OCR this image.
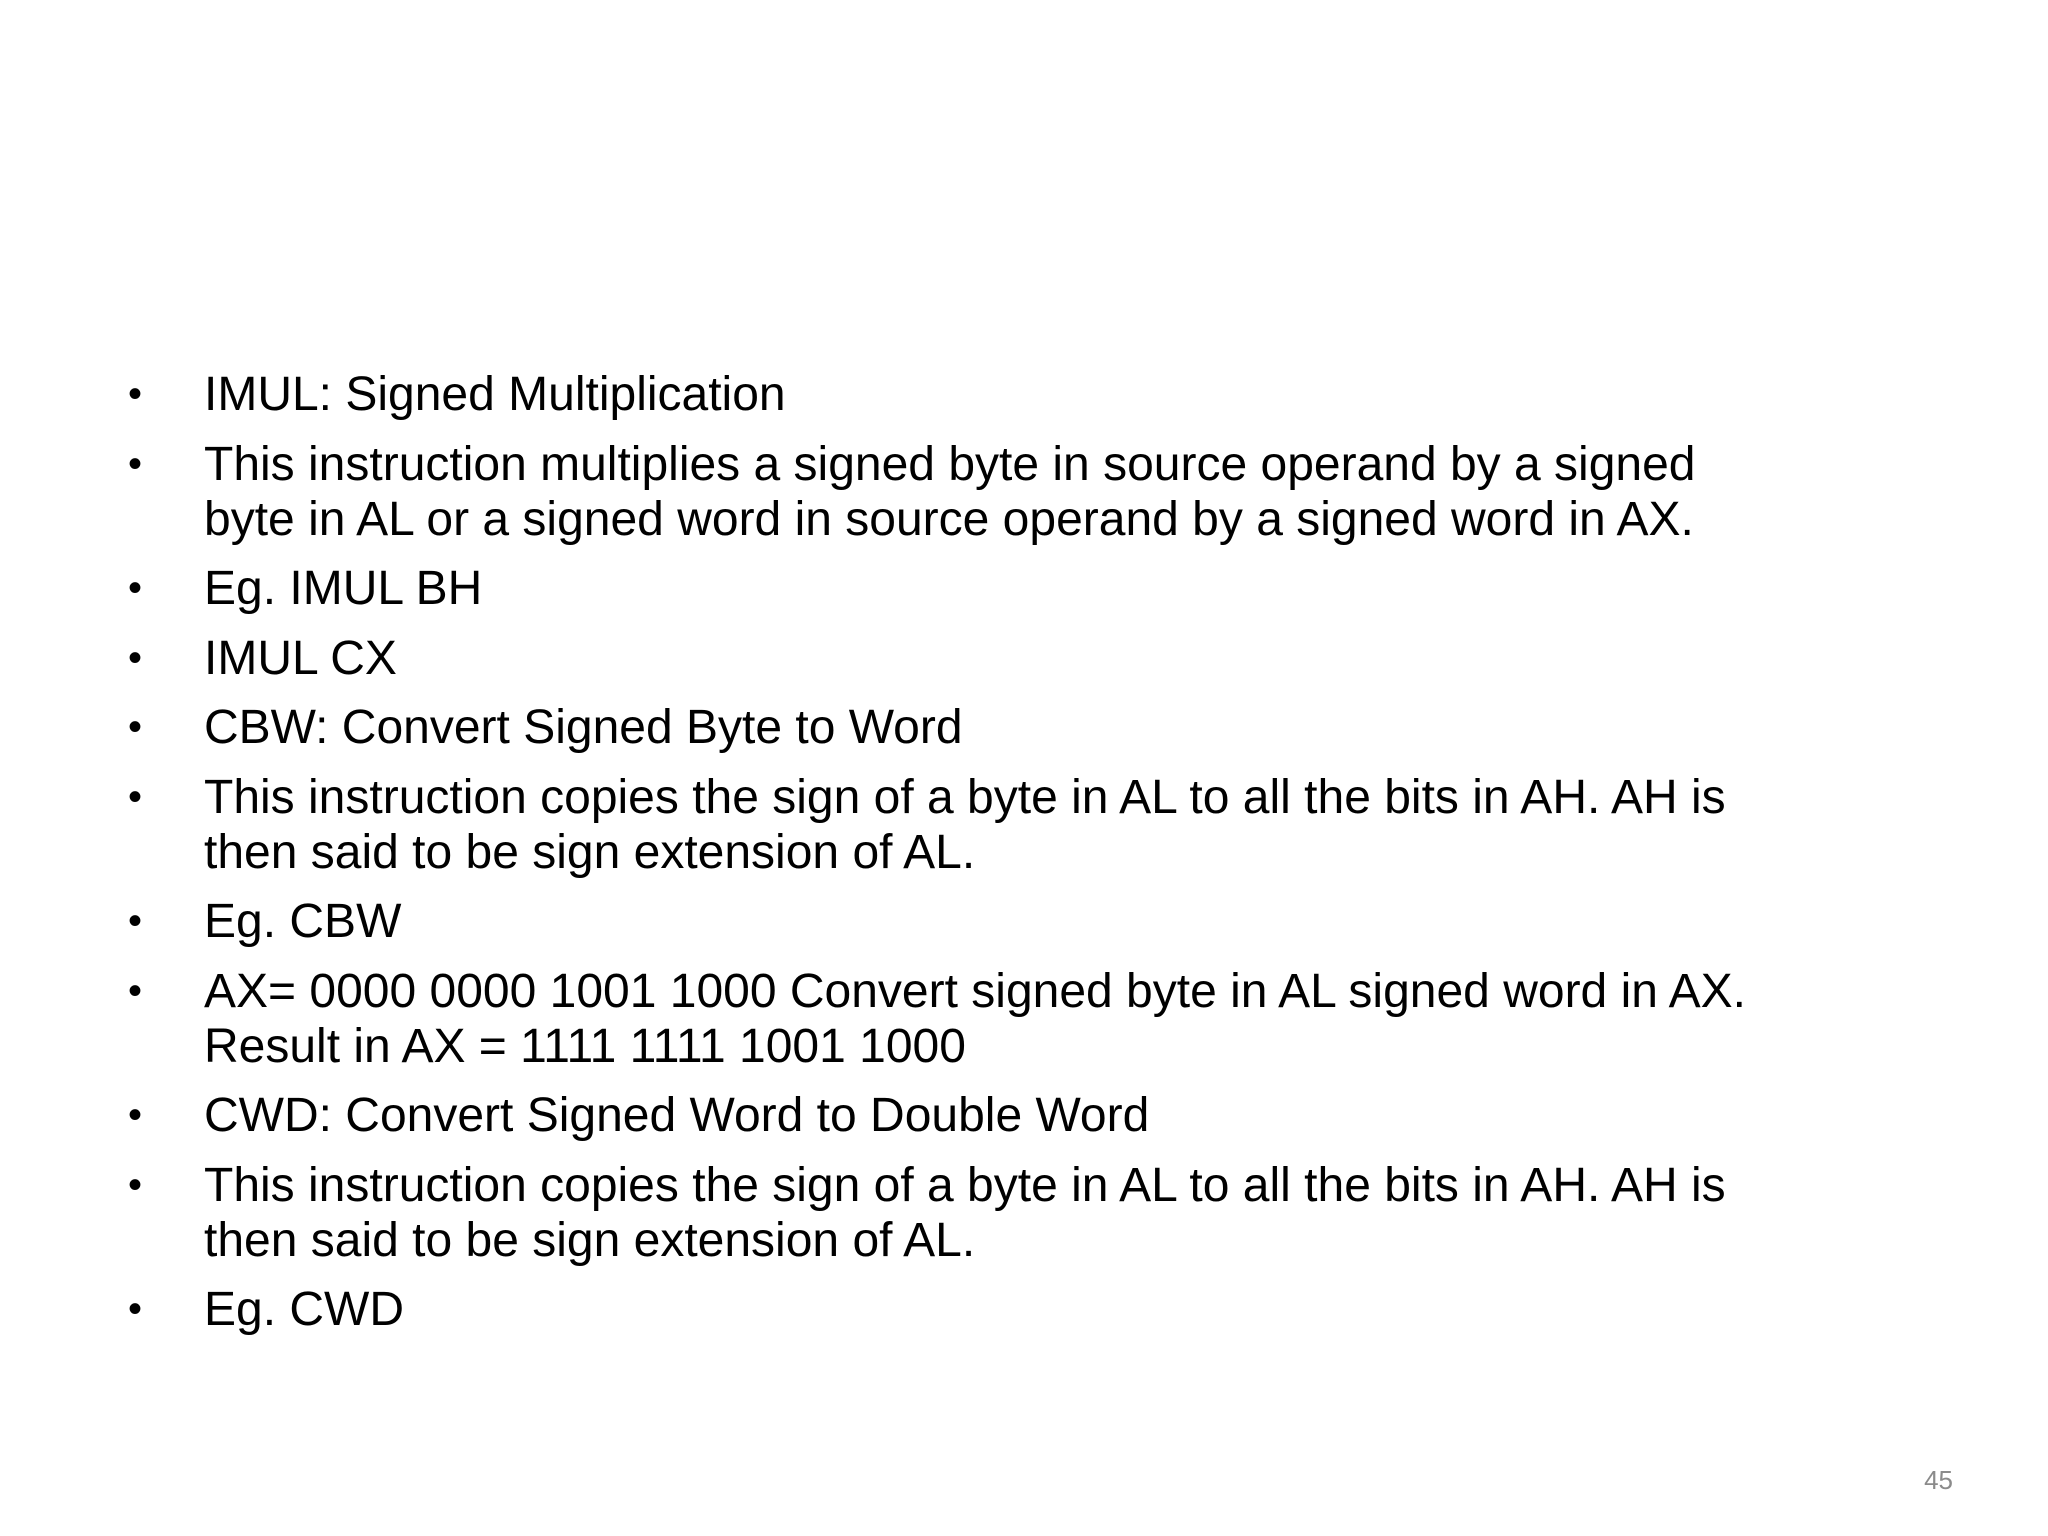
• IMUL: Signed Multiplication
• This instruction multiplies a signed byte in source operand by a signed
byte in AL or a signed word in source operand by a signed word in AX.
• Eg. IMUL BH
• IMUL CX
• CBW: Convert Signed Byte to Word
• This instruction copies the sign of a byte in AL to all the bits in AH. AH is
then said to be sign extension of AL.
• Eg. CBW
• AX= 0000 0000 1001 1000 Convert signed byte in AL signed word in AX.
Result in AX = 1111 1111 1001 1000
• CWD: Convert Signed Word to Double Word
• This instruction copies the sign of a byte in AL to all the bits in AH. AH is
then said to be sign extension of AL.
• Eg. CWD
45
